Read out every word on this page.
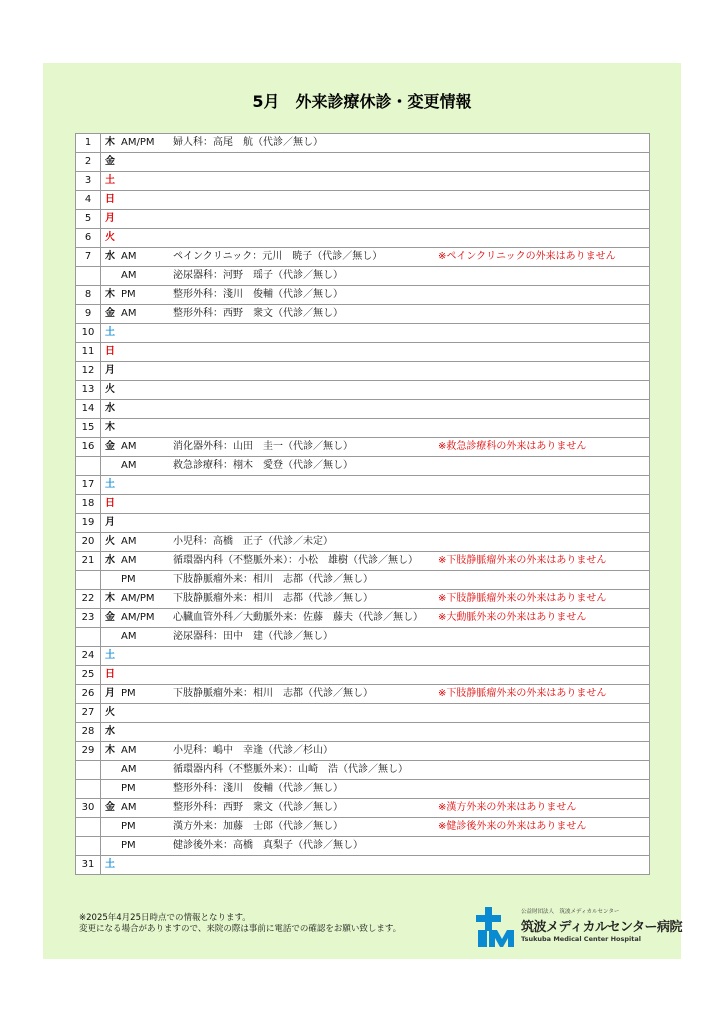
5月　外来診療休診・変更情報
1	木	AM/PM	婦人科：高尾　航（代診／無し）	
2	金			
3	土			
4	日			
5	月			
6	火			
7	水	AM	ペインクリニック：元川　暁子（代診／無し）	※ペインクリニックの外来はありません
		AM	泌尿器科：河野　瑶子（代診／無し）	
8	木	PM	整形外科：淺川　俊輔（代診／無し）	
9	金	AM	整形外科：西野　衆文（代診／無し）	
10	土			
11	日			
12	月			
13	火			
14	水			
15	木			
16	金	AM	消化器外科：山田　圭一（代診／無し）	※救急診療科の外来はありません
		AM	救急診療科：栩木　愛登（代診／無し）	
17	土			
18	日			
19	月			
20	火	AM	小児科：高橋　正子（代診／未定）	
21	水	AM	循環器内科（不整脈外来）：小松　雄樹（代診／無し）	※下肢静脈瘤外来の外来はありません
		PM	下肢静脈瘤外来：相川　志都（代診／無し）	
22	木	AM/PM	下肢静脈瘤外来：相川　志都（代診／無し）	※下肢静脈瘤外来の外来はありません
23	金	AM/PM	心臓血管外科／大動脈外来：佐藤　藤夫（代診／無し）	※大動脈外来の外来はありません
		AM	泌尿器科：田中　建（代診／無し）	
24	土			
25	日			
26	月	PM	下肢静脈瘤外来：相川　志都（代診／無し）	※下肢静脈瘤外来の外来はありません
27	火			
28	水			
29	木	AM	小児科：嶋中　幸逢（代診／杉山）	
		AM	循環器内科（不整脈外来）：山崎　浩（代診／無し）	
		PM	整形外科：淺川　俊輔（代診／無し）	
30	金	AM	整形外科：西野　衆文（代診／無し）	※漢方外来の外来はありません
		PM	漢方外来：加藤　士郎（代診／無し）	※健診後外来の外来はありません
		PM	健診後外来：高橋　真梨子（代診／無し）	
31	土			
※2025年4月25日時点での情報となります。
変更になる場合がありますので、来院の際は事前に電話での確認をお願い致します。
公益財団法人　筑波メディカルセンター
筑波メディカルセンター病院
Tsukuba Medical Center Hospital
